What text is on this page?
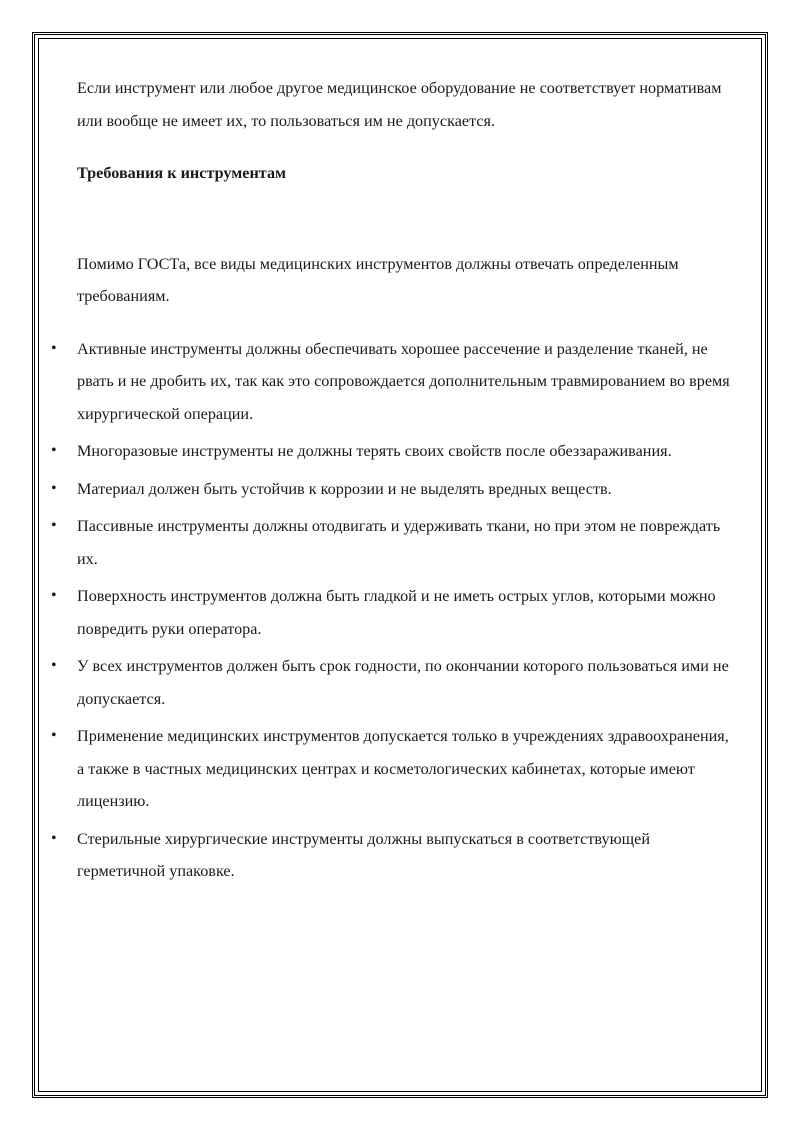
Если инструмент или любое другое медицинское оборудование не соответствует нормативам или вообще не имеет их, то пользоваться им не допускается.

Требования к инструментам

Помимо ГОСТа, все виды медицинских инструментов должны отвечать определенным требованиям.

• Активные инструменты должны обеспечивать хорошее рассечение и разделение тканей, не рвать и не дробить их, так как это сопровождается дополнительным травмированием во время хирургической операции.
• Многоразовые инструменты не должны терять своих свойств после обеззараживания.
• Материал должен быть устойчив к коррозии и не выделять вредных веществ.
• Пассивные инструменты должны отодвигать и удерживать ткани, но при этом не повреждать их.
• Поверхность инструментов должна быть гладкой и не иметь острых углов, которыми можно повредить руки оператора.
• У всех инструментов должен быть срок годности, по окончании которого пользоваться ими не допускается.
• Применение медицинских инструментов допускается только в учреждениях здравоохранения, а также в частных медицинских центрах и косметологических кабинетах, которые имеют лицензию.
• Стерильные хирургические инструменты должны выпускаться в соответствующей герметичной упаковке.
